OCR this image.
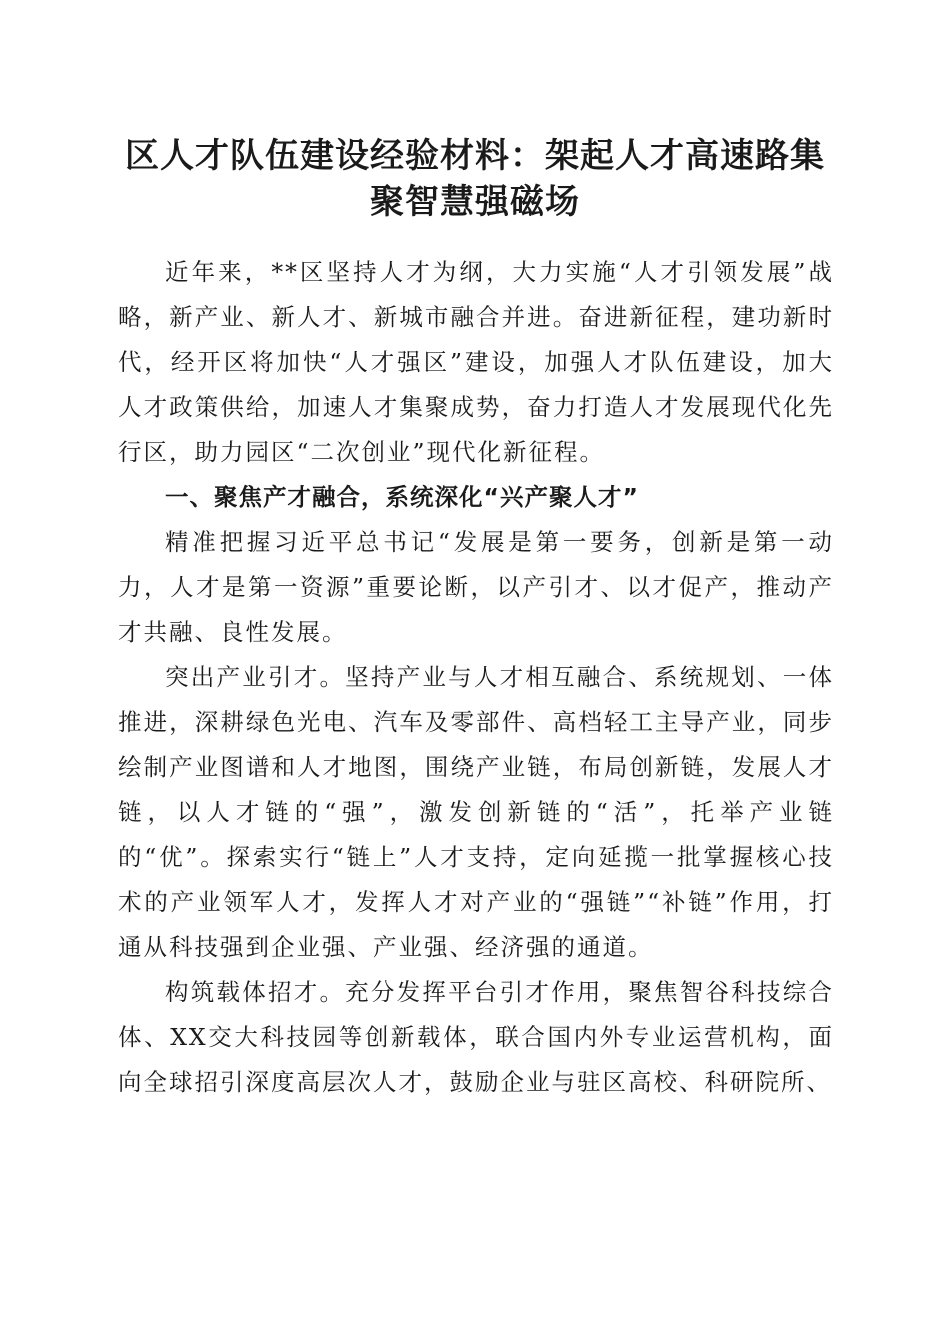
区人才队伍建设经验材料：架起人才高速路集
聚智慧强磁场

近年来，**区坚持人才为纲，大力实施“人才引领发展”战略，新产业、新人才、新城市融合并进。奋进新征程，建功新时代，经开区将加快“人才强区”建设，加强人才队伍建设，加大人才政策供给，加速人才集聚成势，奋力打造人才发展现代化先行区，助力园区“二次创业”现代化新征程。

一、聚焦产才融合，系统深化“兴产聚人才”

精准把握习近平总书记“发展是第一要务，创新是第一动力，人才是第一资源”重要论断，以产引才、以才促产，推动产才共融、良性发展。

突出产业引才。坚持产业与人才相互融合、系统规划、一体推进，深耕绿色光电、汽车及零部件、高档轻工主导产业，同步绘制产业图谱和人才地图，围绕产业链，布局创新链，发展人才链，以人才链的“强”，激发创新链的“活”，托举产业链的“优”。探索实行“链上”人才支持，定向延揽一批掌握核心技术的产业领军人才，发挥人才对产业的“强链”“补链”作用，打通从科技强到企业强、产业强、经济强的通道。

构筑载体招才。充分发挥平台引才作用，聚焦智谷科技综合体、XX交大科技园等创新载体，联合国内外专业运营机构，面向全球招引深度高层次人才，鼓励企业与驻区高校、科研院所、
